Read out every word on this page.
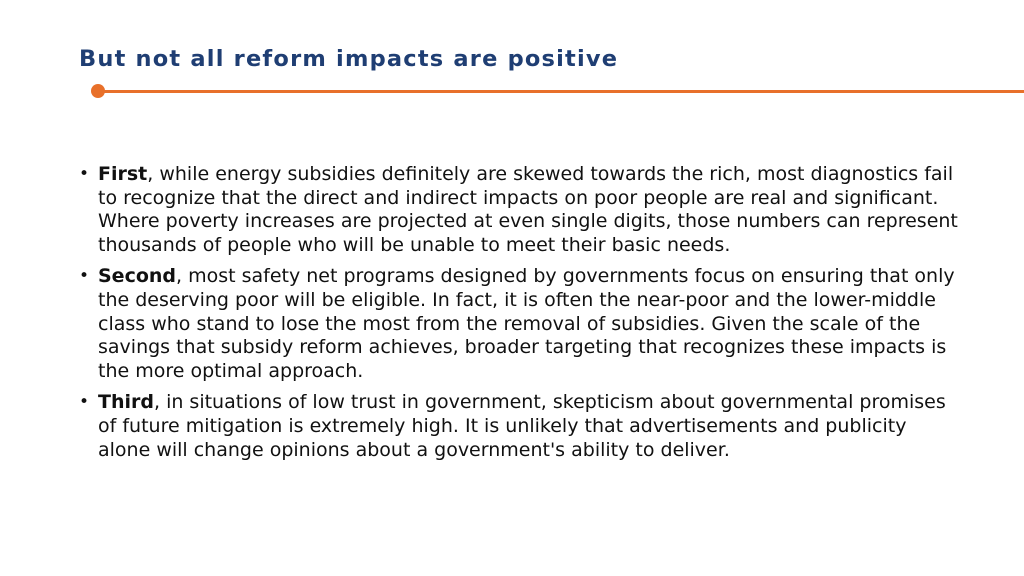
But not all reform impacts are positive
• First, while energy subsidies definitely are skewed towards the rich, most diagnostics fail to recognize that the direct and indirect impacts on poor people are real and significant. Where poverty increases are projected at even single digits, those numbers can represent thousands of people who will be unable to meet their basic needs.
• Second, most safety net programs designed by governments focus on ensuring that only the deserving poor will be eligible. In fact, it is often the near-poor and the lower-middle class who stand to lose the most from the removal of subsidies. Given the scale of the savings that subsidy reform achieves, broader targeting that recognizes these impacts is the more optimal approach.
• Third, in situations of low trust in government, skepticism about governmental promises of future mitigation is extremely high. It is unlikely that advertisements and publicity alone will change opinions about a government's ability to deliver.
